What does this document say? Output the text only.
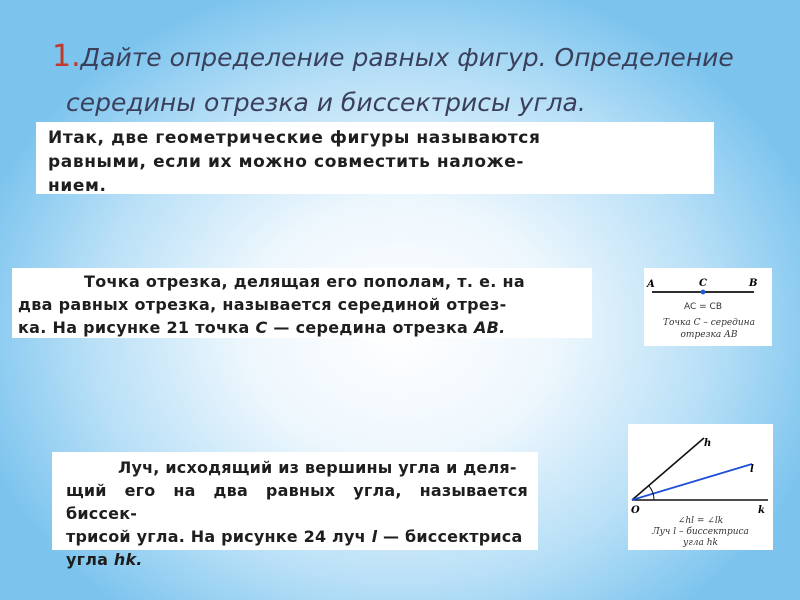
1.Дайте определение равных фигур. Определение
середины отрезка и биссектрисы угла.

Итак, две геометрические фигуры называются
равными, если их можно совместить наложе-
нием.

Точка отрезка, делящая его пополам, т. е. на
два равных отрезка, называется серединой отрез-
ка. На рисунке 21 точка C — середина отрезка AB.

A	C	B
AC = CB
Точка С – середина
отрезка АВ

Луч, исходящий из вершины угла и деля-
щий его на два равных угла, называется биссек-
трисой угла. На рисунке 24 луч l — биссектриса
угла hk.

h
l
O	k
∠hl = ∠lk
Луч l – биссектриса
угла hk
